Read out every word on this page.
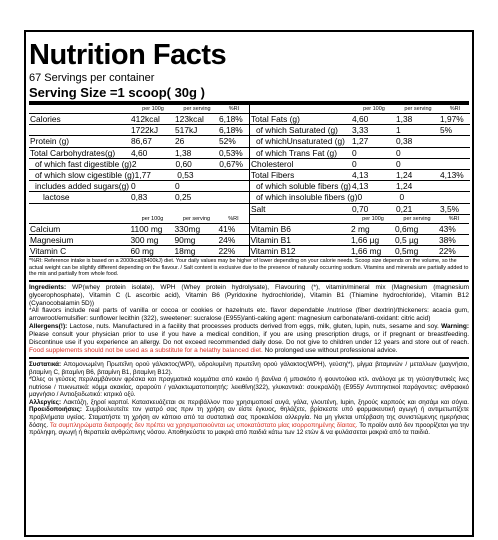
Nutrition Facts
67 Servings per container
Serving Size =1 scoop( 30g )
per 100g	per serving	%RI
Calories	412kcal	123kcal	6,18%
1722kJ	517kJ	6,18%
Protein (g)	86,67	26	52%
Total Carbohydrates(g)	4,60	1,38	0,53%
of which fast digestible (g) 2	0,60	0,67%
of which slow cigestible (g) 1,77	0,53
includes added sugars(g) 0	0
lactose	0,83	0,25
per 100g	per serving	%RI
Total Fats (g)	4,60	1,38	1,97%
of which Saturated (g)	3,33	1	5%
of whichUnsaturated (g) 1,27	0,38
of which Trans Fat (g)	0	0
Cholesterol	0	0
Total Fibers	4,13	1,24	4,13%
of which soluble fibers (g) 4,13	1,24
of which insoluble fibers (g) 0	0
Salt	0,70	0,21	3,5%
per 100g	per serving	%RI
Calcium	1100 mg	330mg	41%
Magnesium	300 mg	90mg	24%
Vitamin C	60 mg	18mg	22%
per 100g	per serving	%RI
Vitamin B6	2 mg	0,6mg	43%
Vitamin B1	1,66 µg	0,5 µg	38%
Vitamin B12	1,66 mg	0,5mg	22%
*%RI: Reference intake is based on a 2000kcal(8400kJ) diet. Your daily values may be higher of lower depending on your calorie needs. Scoop size depends on the volume, so the actual weight can be slightly different depending on the flavour. / Salt content is exclusive due to the presence of naturally occurring sodium. Vitamins and minerals are partially added to the mix and partially from whole food.
Ingredients: WP(whey protein isolate), WPH (Whey protein hydrolysate), Flavouring (*), vitamin/mineral mix (Magnesium (magnesium glycerophosphate), Vitamin C (L ascorbic acid), Vitamin B6 (Pyridoxine hydrochloride), Vitamin B1 (Thiamine hydrochloride), Vitamin B12 (Cyanocobalamin 5D))
*All flavors include real parts of vanilla or cocoa or cookies or hazelnuts etc. flavor dependable /nutriose (fiber dextrin)/thickeners: acacia gum, arrowroot/emulsifier: sunflower lecithin (322), sweetener: sucralose (E955)/anti-caking agent: magnesium carbonate/anti-oxidant: citric acid)
Allergens(!): Lactose, nuts. Manufactured in a facility that processes products derived from eggs, milk, gluten, lupin, nuts, sesame and soy. Warning: Please consult your physician prior to use if you have a medical condition, if you are using prescription drugs, or if pregnant or breastfeeding. Discontinue use if you experience an allergy. Do not exceed recommended daily dose. Do not give to children under 12 years and store out of reach. Food supplements should not be used as a substitute for a helathy balanced diet. No prolonged use without professional advice.
Συστατικά: Απομονωμένη Πρωτεΐνη ορού γάλακτος(WPI), υδρολυμένη πρωτεΐνη ορού γάλακτος(WPH), γεύση(*), μίγμα βιταμινών / μεταλλων (μαγνήσιο, βιταμίνη C, βιταμίνη B6, βιταμίνη B1, βιταμίνη B12).
*Όλες οι γεύσεις περιλαμβάνουν φρέσκα και πραγματικά κομμάτια από κακάο ή βανίλια ή μπισκότο ή φουντούκια κτλ. ανάλογα με τη γεύση/Φυτικές ίνες nutriose / πυκνωτικά: κόμμι ακακίας, αραρούτι / γαλακτωματοποιητής: λεκιθίνη(322), γλυκαντικά: σουκραλόζη (E955)/ Αντιπηκτικοί παράγοντες: ανθρακικό μαγνήσιο / Αντιοξειδωτικό: κιτρικό οξύ.
Αλλεργίες: Λακτόζη, ξηροί καρποί. Κατασκευάζεται σε περιβάλλον που χρησιμοποιεί αυγά, γάλα, γλουτένη, lupin, ξηρούς καρπούς και σησάμι και σόγια. Προειδοποιήσεις: Συμβουλευτείτε τον γιατρό σας πριν τη χρήση αν είστε έγκυος, θηλάζετε, βρίσκεστε υπό φαρμακευτική αγωγή ή αντιμετωπίζετε προβλήματα υγείας. Σταματήστε τη χρήση αν κάποιο από τα συστατικά σας προκαλέσει αλλεργία. Να μη γίνεται υπέρβαση της συνιστώμενης ημερήσιας δόσης. Τα συμπληρώματα διατροφής δεν πρέπει να χρησιμοποιούνται ως υποκατάστατο μίας ισορροπημένης δίαιτας. Το προϊόν αυτό δεν προορίζεται για την πρόληψη, αγωγή ή θεραπεία ανθρώπινης νόσου. Αποθηκεύστε το μακριά από παιδιά κάτω των 12 ετών & να φυλάσσεται μακριά από τα παιδιά.
